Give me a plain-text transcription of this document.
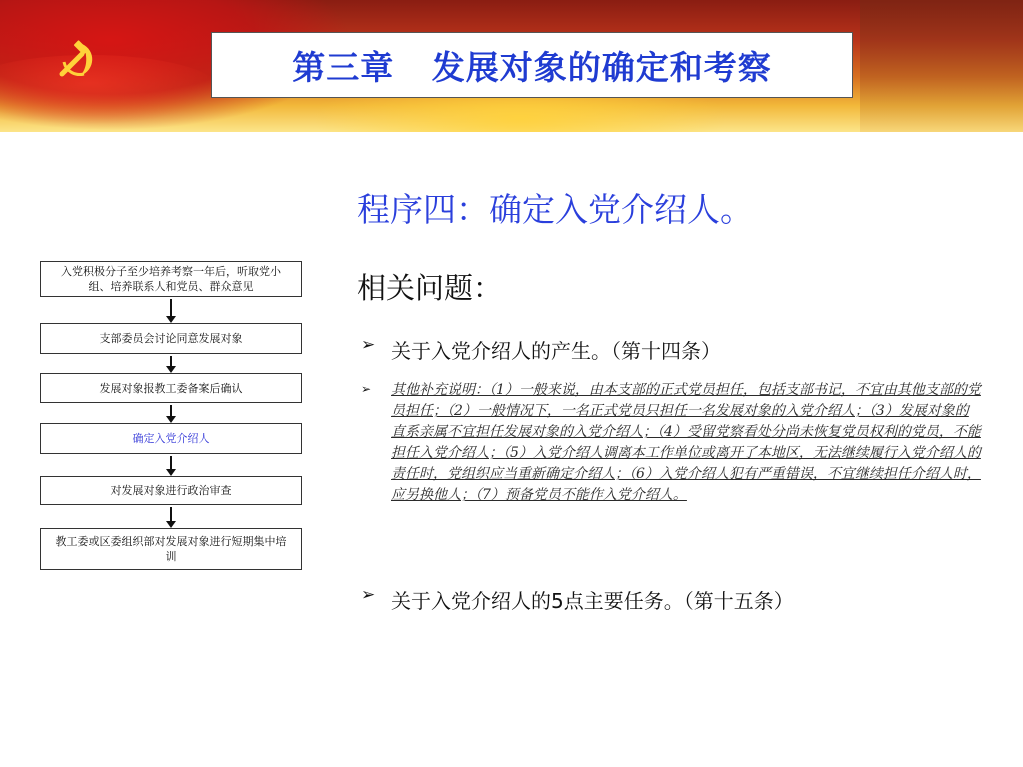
第三章   发展对象的确定和考察
入党积极分子至少培养考察一年后，听取党小组、培养联系人和党员、群众意见
支部委员会讨论同意发展对象
发展对象报教工委备案后确认
确定入党介绍人
对发展对象进行政治审查
教工委或区委组织部对发展对象进行短期集中培训
程序四：确定入党介绍人。
相关问题：
➢ 关于入党介绍人的产生。（第十四条）
➢	其他补充说明：（1）一般来说，由本支部的正式党员担任，包括支部书记，不宜由其他支部的党员担任；（2）一般情况下，一名正式党员只担任一名发展对象的入党介绍人；（3）发展对象的直系亲属不宜担任发展对象的入党介绍人；（4）受留党察看处分尚未恢复党员权利的党员，不能担任入党介绍人；（5）入党介绍人调离本工作单位或离开了本地区，无法继续履行入党介绍人的责任时，党组织应当重新确定介绍人；（6）入党介绍人犯有严重错误，不宜继续担任介绍人时，应另换他人；（7）预备党员不能作入党介绍人。
➢ 关于入党介绍人的5点主要任务。（第十五条）
